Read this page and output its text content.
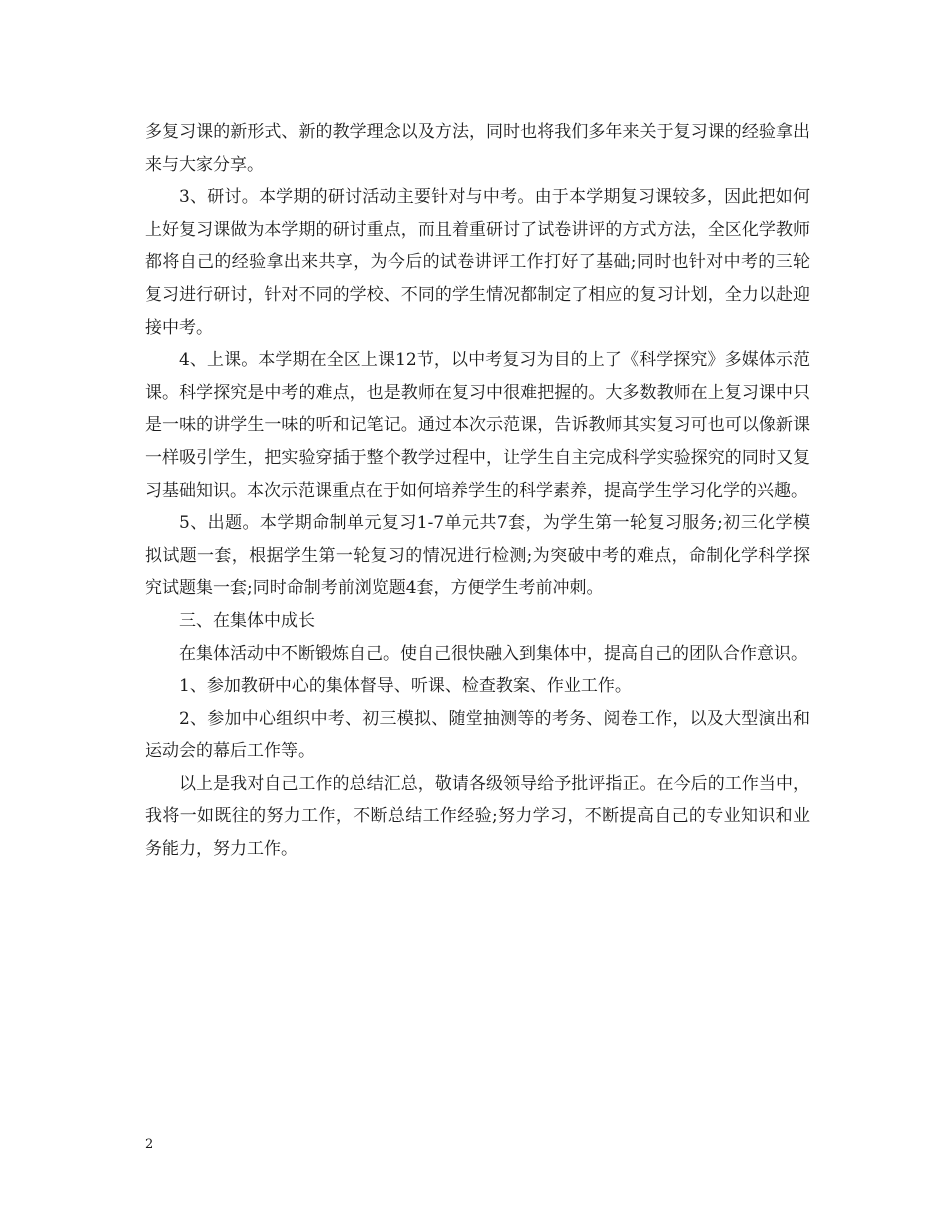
多复习课的新形式、新的教学理念以及方法，同时也将我们多年来关于复习课的经验拿出来与大家分享。

3、研讨。本学期的研讨活动主要针对与中考。由于本学期复习课较多，因此把如何上好复习课做为本学期的研讨重点，而且着重研讨了试卷讲评的方式方法，全区化学教师都将自己的经验拿出来共享，为今后的试卷讲评工作打好了基础;同时也针对中考的三轮复习进行研讨，针对不同的学校、不同的学生情况都制定了相应的复习计划，全力以赴迎接中考。

4、上课。本学期在全区上课12节，以中考复习为目的上了《科学探究》多媒体示范课。科学探究是中考的难点，也是教师在复习中很难把握的。大多数教师在上复习课中只是一味的讲学生一味的听和记笔记。通过本次示范课，告诉教师其实复习可也可以像新课一样吸引学生，把实验穿插于整个教学过程中，让学生自主完成科学实验探究的同时又复习基础知识。本次示范课重点在于如何培养学生的科学素养，提高学生学习化学的兴趣。

5、出题。本学期命制单元复习1-7单元共7套，为学生第一轮复习服务;初三化学模拟试题一套，根据学生第一轮复习的情况进行检测;为突破中考的难点，命制化学科学探究试题集一套;同时命制考前浏览题4套，方便学生考前冲刺。

三、在集体中成长

在集体活动中不断锻炼自己。使自己很快融入到集体中，提高自己的团队合作意识。

1、参加教研中心的集体督导、听课、检查教案、作业工作。

2、参加中心组织中考、初三模拟、随堂抽测等的考务、阅卷工作，以及大型演出和运动会的幕后工作等。

以上是我对自己工作的总结汇总，敬请各级领导给予批评指正。在今后的工作当中，我将一如既往的努力工作，不断总结工作经验;努力学习，不断提高自己的专业知识和业务能力，努力工作。

2
